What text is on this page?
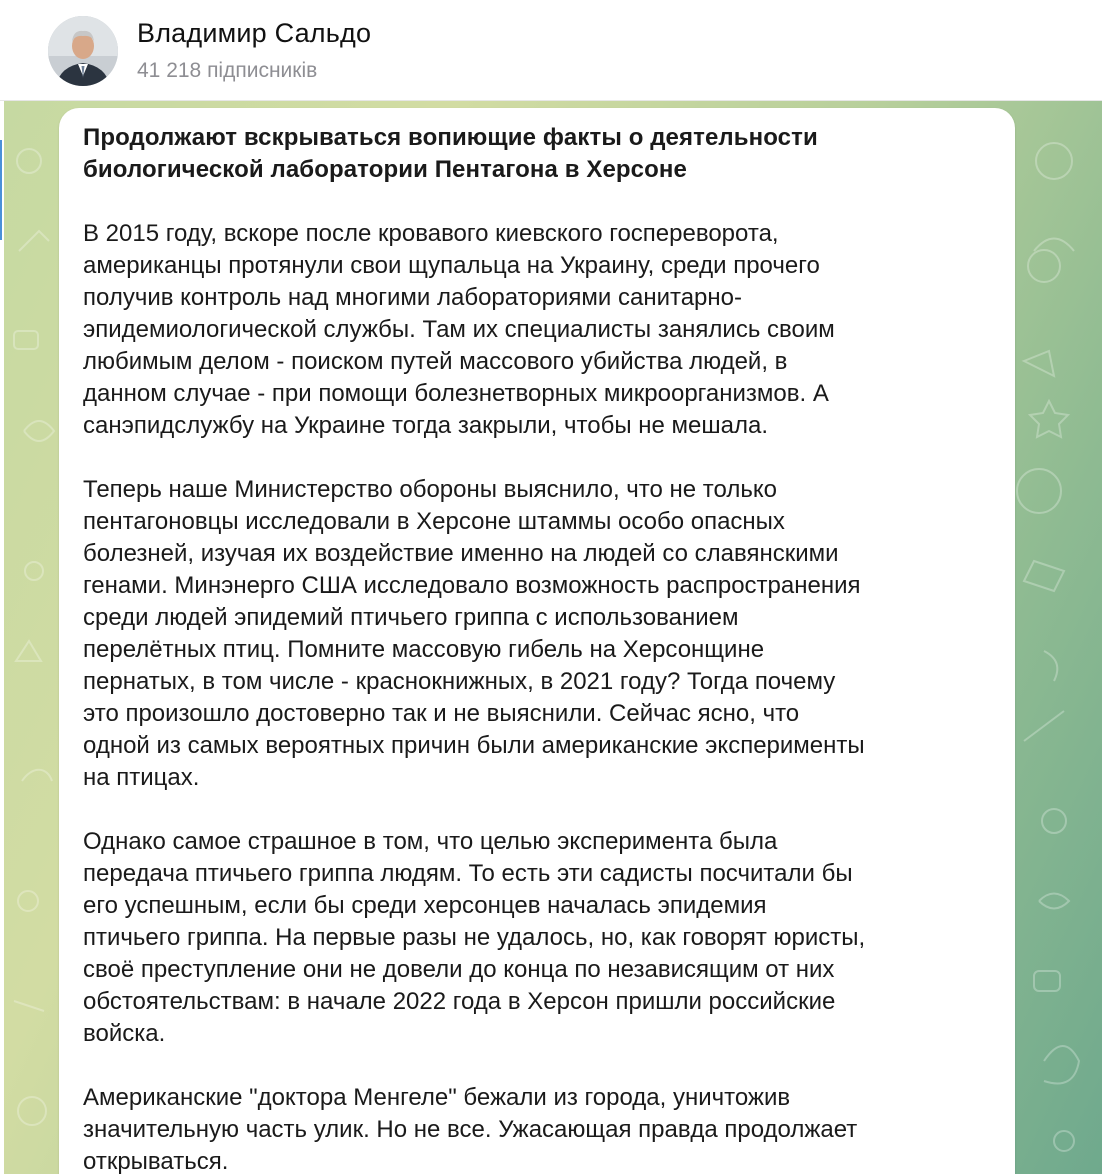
Владимир Сальдо
41 218 підписників
Продолжают вскрываться вопиющие факты о деятельности
биологической лаборатории Пентагона в Херсоне
В 2015 году, вскоре после кровавого киевского госпереворота,
американцы протянули свои щупальца на Украину, среди прочего
получив контроль над многими лабораториями санитарно-
эпидемиологической службы. Там их специалисты занялись своим
любимым делом - поиском путей массового убийства людей, в
данном случае - при помощи болезнетворных микроорганизмов. А
санэпидслужбу на Украине тогда закрыли, чтобы не мешала.
Теперь наше Министерство обороны выяснило, что не только
пентагоновцы исследовали в Херсоне штаммы особо опасных
болезней, изучая их воздействие именно на людей со славянскими
генами. Минэнерго США исследовало возможность распространения
среди людей эпидемий птичьего гриппа с использованием
перелётных птиц. Помните массовую гибель на Херсонщине
пернатых, в том числе - краснокнижных, в 2021 году? Тогда почему
это произошло достоверно так и не выяснили. Сейчас ясно, что
одной из самых вероятных причин были американские эксперименты
на птицах.
Однако самое страшное в том, что целью эксперимента была
передача птичьего гриппа людям. То есть эти садисты посчитали бы
его успешным, если бы среди херсонцев началась эпидемия
птичьего гриппа. На первые разы не удалось, но, как говорят юристы,
своё преступление они не довели до конца по независящим от них
обстоятельствам: в начале 2022 года в Херсон пришли российские
войска.
Американские "доктора Менгеле" бежали из города, уничтожив
значительную часть улик. Но не все. Ужасающая правда продолжает
открываться.
